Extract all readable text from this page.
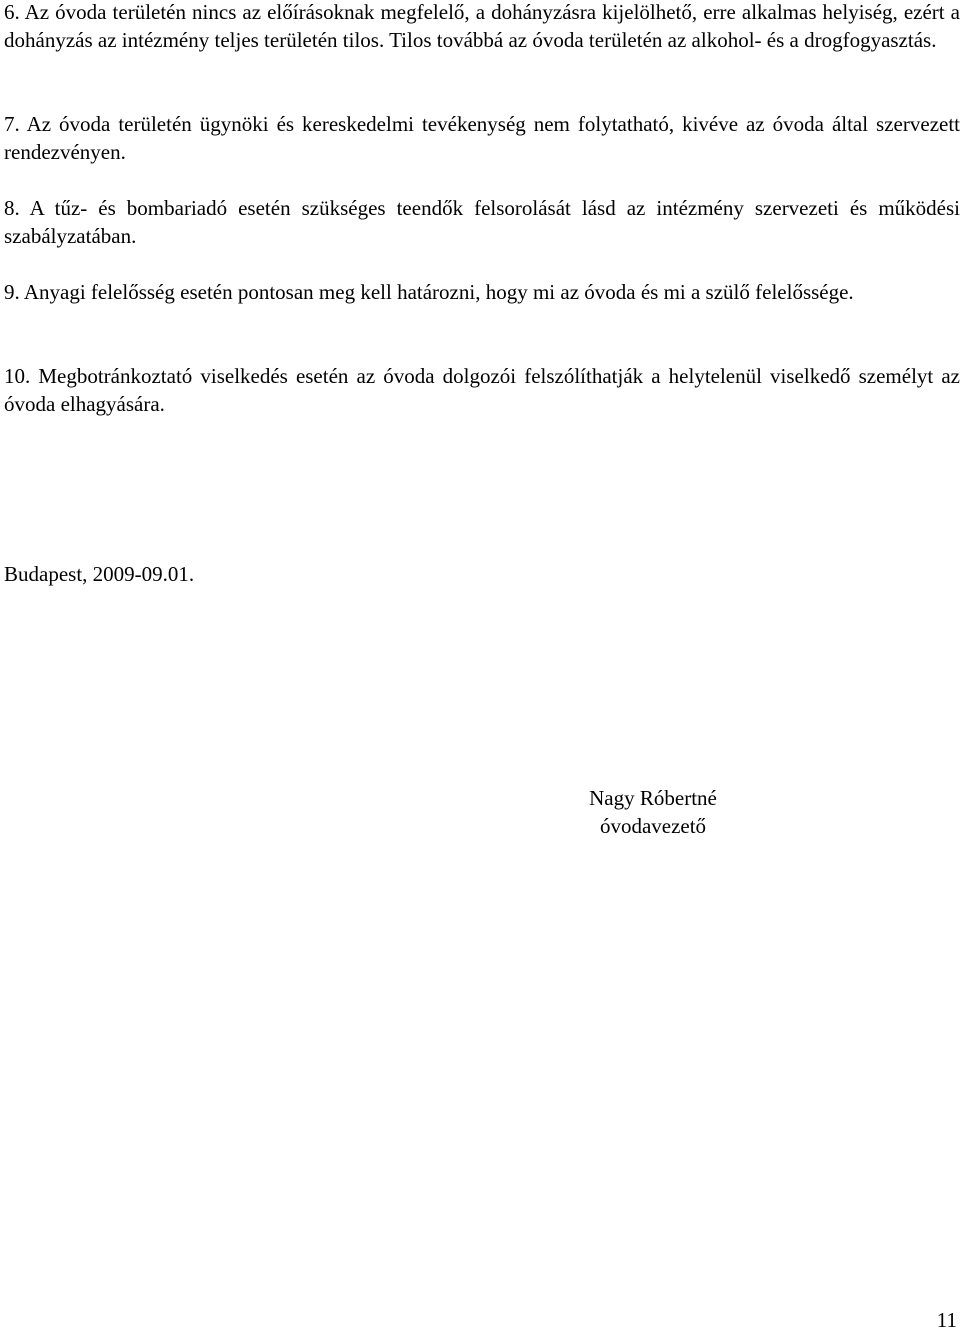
6. Az óvoda területén nincs az előírásoknak megfelelő, a dohányzásra kijelölhető, erre alkalmas helyiség, ezért a dohányzás az intézmény teljes területén tilos. Tilos továbbá az óvoda területén az alkohol- és a drogfogyasztás.

7. Az óvoda területén ügynöki és kereskedelmi tevékenység nem folytatható, kivéve az óvoda által szervezett rendezvényen.

8. A tűz- és bombariadó esetén szükséges teendők felsorolását lásd az intézmény szervezeti és működési szabályzatában.

9. Anyagi felelősség esetén pontosan meg kell határozni, hogy mi az óvoda és mi a szülő felelőssége.

10. Megbotránkoztató viselkedés esetén az óvoda dolgozói felszólíthatják a helytelenül viselkedő személyt az óvoda elhagyására.

Budapest, 2009-09.01.

Nagy Róbertné
óvodavezető

11
